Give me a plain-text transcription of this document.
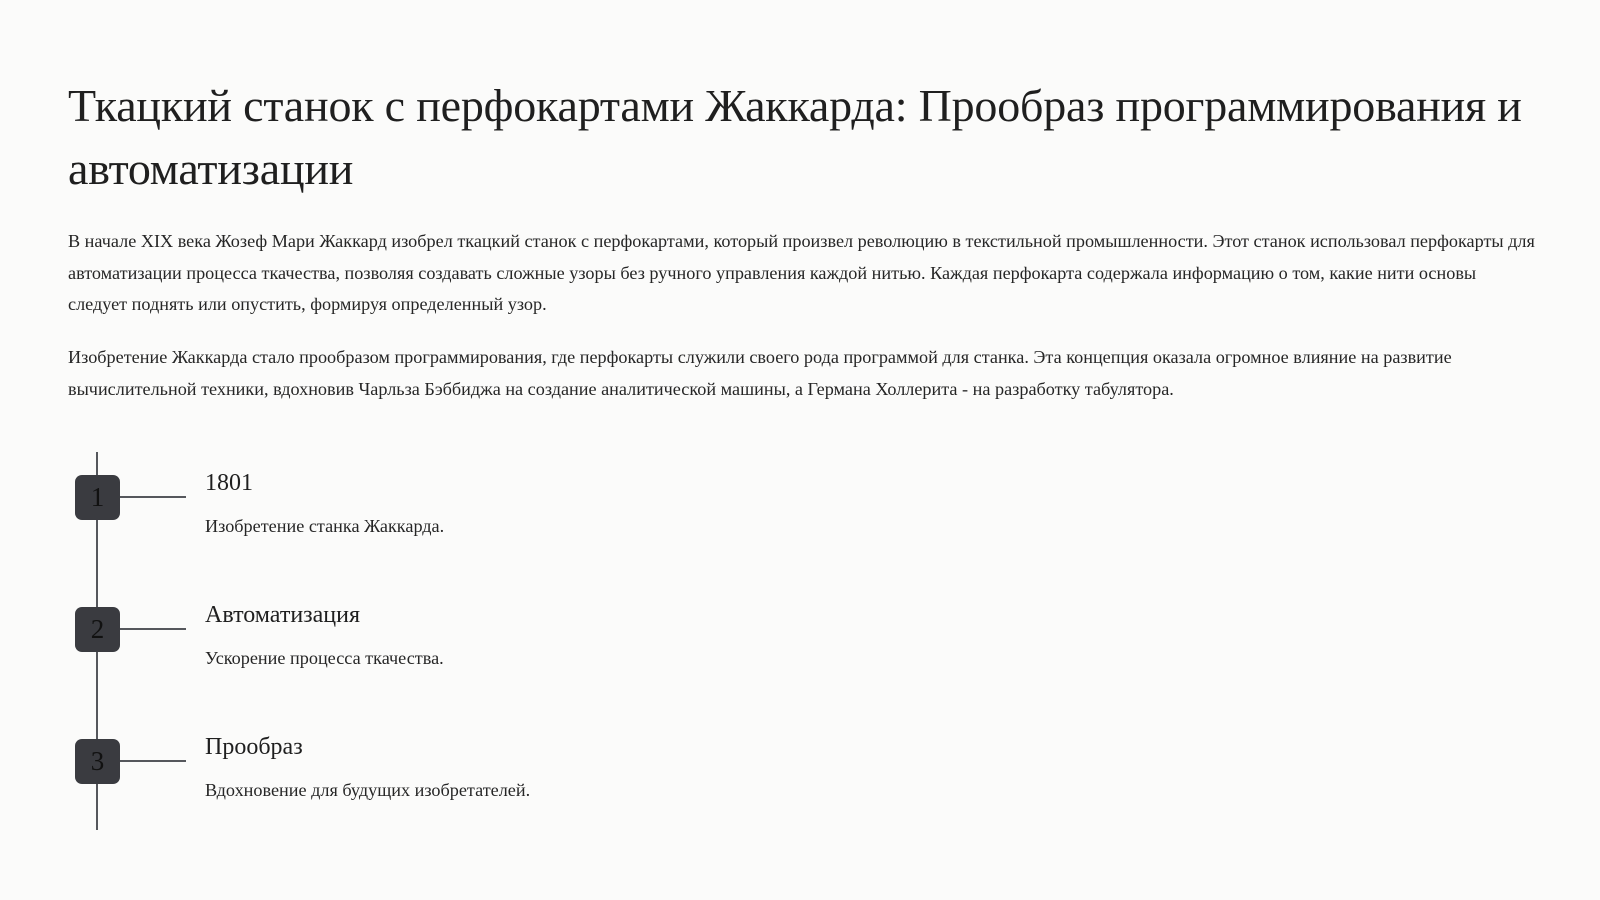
Ткацкий станок с перфокартами Жаккарда: Прообраз программирования и автоматизации

В начале XIX века Жозеф Мари Жаккард изобрел ткацкий станок с перфокартами, который произвел революцию в текстильной промышленности. Этот станок использовал перфокарты для автоматизации процесса ткачества, позволяя создавать сложные узоры без ручного управления каждой нитью. Каждая перфокарта содержала информацию о том, какие нити основы следует поднять или опустить, формируя определенный узор.

Изобретение Жаккарда стало прообразом программирования, где перфокарты служили своего рода программой для станка. Эта концепция оказала огромное влияние на развитие вычислительной техники, вдохновив Чарльза Бэббиджа на создание аналитической машины, а Германа Холлерита - на разработку табулятора.

1	1801

Изобретение станка Жаккарда.

2	Автоматизация

Ускорение процесса ткачества.

3	Прообраз

Вдохновение для будущих изобретателей.
